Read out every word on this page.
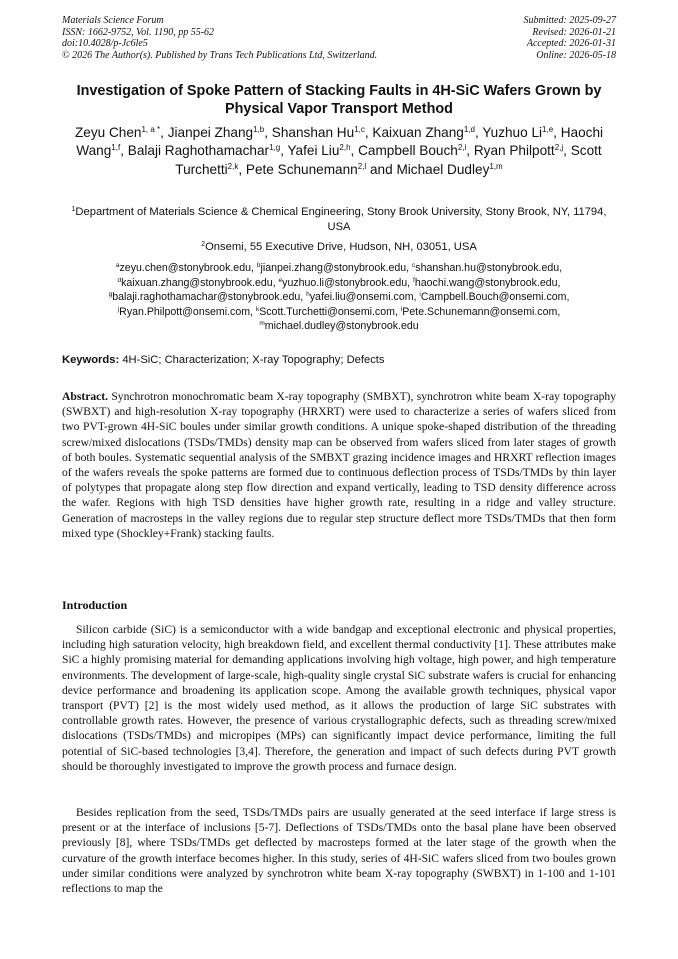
Materials Science Forum
ISSN: 1662-9752, Vol. 1190, pp 55-62
doi:10.4028/p-Jc6le5
© 2026 The Author(s). Published by Trans Tech Publications Ltd, Switzerland.
Submitted: 2025-09-27
Revised: 2026-01-21
Accepted: 2026-01-31
Online: 2026-05-18
Investigation of Spoke Pattern of Stacking Faults in 4H-SiC Wafers Grown by Physical Vapor Transport Method
Zeyu Chen$^{1, a *}$, Jianpei Zhang$^{1,b}$, Shanshan Hu$^{1,c}$, Kaixuan Zhang$^{1,d}$, Yuzhuo Li$^{1,e}$, Haochi Wang$^{1,f}$, Balaji Raghothamachar$^{1,g}$, Yafei Liu$^{2,h}$, Campbell Bouch$^{2,i}$, Ryan Philpott$^{2,j}$, Scott Turchetti$^{2,k}$, Pete Schunemann$^{2,l}$ and Michael Dudley$^{1,m}$
$^1$Department of Materials Science & Chemical Engineering, Stony Brook University, Stony Brook, NY, 11794, USA
$^2$Onsemi, 55 Executive Drive, Hudson, NH, 03051, USA
$^a$zeyu.chen@stonybrook.edu, $^b$jianpei.zhang@stonybrook.edu, $^c$shanshan.hu@stonybrook.edu, $^d$kaixuan.zhang@stonybrook.edu, $^e$yuzhuo.li@stonybrook.edu, $^f$haochi.wang@stonybrook.edu, $^g$balaji.raghothamachar@stonybrook.edu, $^h$yafei.liu@onsemi.com, $^i$Campbell.Bouch@onsemi.com, $^j$Ryan.Philpott@onsemi.com, $^k$Scott.Turchetti@onsemi.com, $^l$Pete.Schunemann@onsemi.com, $^m$michael.dudley@stonybrook.edu
Keywords: 4H-SiC; Characterization; X-ray Topography; Defects
Abstract. Synchrotron monochromatic beam X-ray topography (SMBXT), synchrotron white beam X-ray topography (SWBXT) and high-resolution X-ray topography (HRXRT) were used to characterize a series of wafers sliced from two PVT-grown 4H-SiC boules under similar growth conditions. A unique spoke-shaped distribution of the threading screw/mixed dislocations (TSDs/TMDs) density map can be observed from wafers sliced from later stages of growth of both boules. Systematic sequential analysis of the SMBXT grazing incidence images and HRXRT reflection images of the wafers reveals the spoke patterns are formed due to continuous deflection process of TSDs/TMDs by thin layer of polytypes that propagate along step flow direction and expand vertically, leading to TSD density difference across the wafer. Regions with high TSD densities have higher growth rate, resulting in a ridge and valley structure. Generation of macrosteps in the valley regions due to regular step structure deflect more TSDs/TMDs that then form mixed type (Shockley+Frank) stacking faults.
Introduction
Silicon carbide (SiC) is a semiconductor with a wide bandgap and exceptional electronic and physical properties, including high saturation velocity, high breakdown field, and excellent thermal conductivity [1]. These attributes make SiC a highly promising material for demanding applications involving high voltage, high power, and high temperature environments. The development of large-scale, high-quality single crystal SiC substrate wafers is crucial for enhancing device performance and broadening its application scope. Among the available growth techniques, physical vapor transport (PVT) [2] is the most widely used method, as it allows the production of large SiC substrates with controllable growth rates. However, the presence of various crystallographic defects, such as threading screw/mixed dislocations (TSDs/TMDs) and micropipes (MPs) can significantly impact device performance, limiting the full potential of SiC-based technologies [3,4]. Therefore, the generation and impact of such defects during PVT growth should be thoroughly investigated to improve the growth process and furnace design.
Besides replication from the seed, TSDs/TMDs pairs are usually generated at the seed interface if large stress is present or at the interface of inclusions [5-7]. Deflections of TSDs/TMDs onto the basal plane have been observed previously [8], where TSDs/TMDs get deflected by macrosteps formed at the later stage of the growth when the curvature of the growth interface becomes higher. In this study, series of 4H-SiC wafers sliced from two boules grown under similar conditions were analyzed by synchrotron white beam X-ray topography (SWBXT) in 1-100 and 1-101 reflections to map the
